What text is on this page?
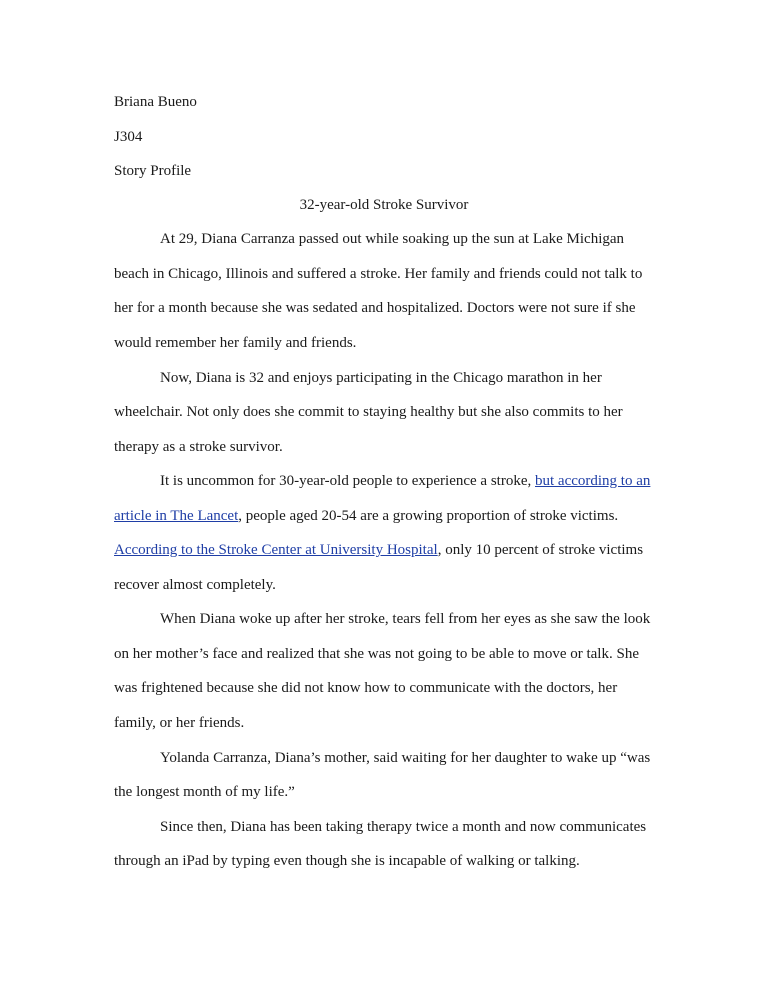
Briana Bueno
J304
Story Profile
32-year-old Stroke Survivor
At 29, Diana Carranza passed out while soaking up the sun at Lake Michigan
beach in Chicago, Illinois and suffered a stroke. Her family and friends could not talk to
her for a month because she was sedated and hospitalized. Doctors were not sure if she
would remember her family and friends.
Now, Diana is 32 and enjoys participating in the Chicago marathon in her
wheelchair. Not only does she commit to staying healthy but she also commits to her
therapy as a stroke survivor.
It is uncommon for 30-year-old people to experience a stroke, but according to an
article in The Lancet, people aged 20-54 are a growing proportion of stroke victims.
According to the Stroke Center at University Hospital, only 10 percent of stroke victims
recover almost completely.
When Diana woke up after her stroke, tears fell from her eyes as she saw the look
on her mother’s face and realized that she was not going to be able to move or talk. She
was frightened because she did not know how to communicate with the doctors, her
family, or her friends.
Yolanda Carranza, Diana’s mother, said waiting for her daughter to wake up “was
the longest month of my life.”
Since then, Diana has been taking therapy twice a month and now communicates
through an iPad by typing even though she is incapable of walking or talking.
